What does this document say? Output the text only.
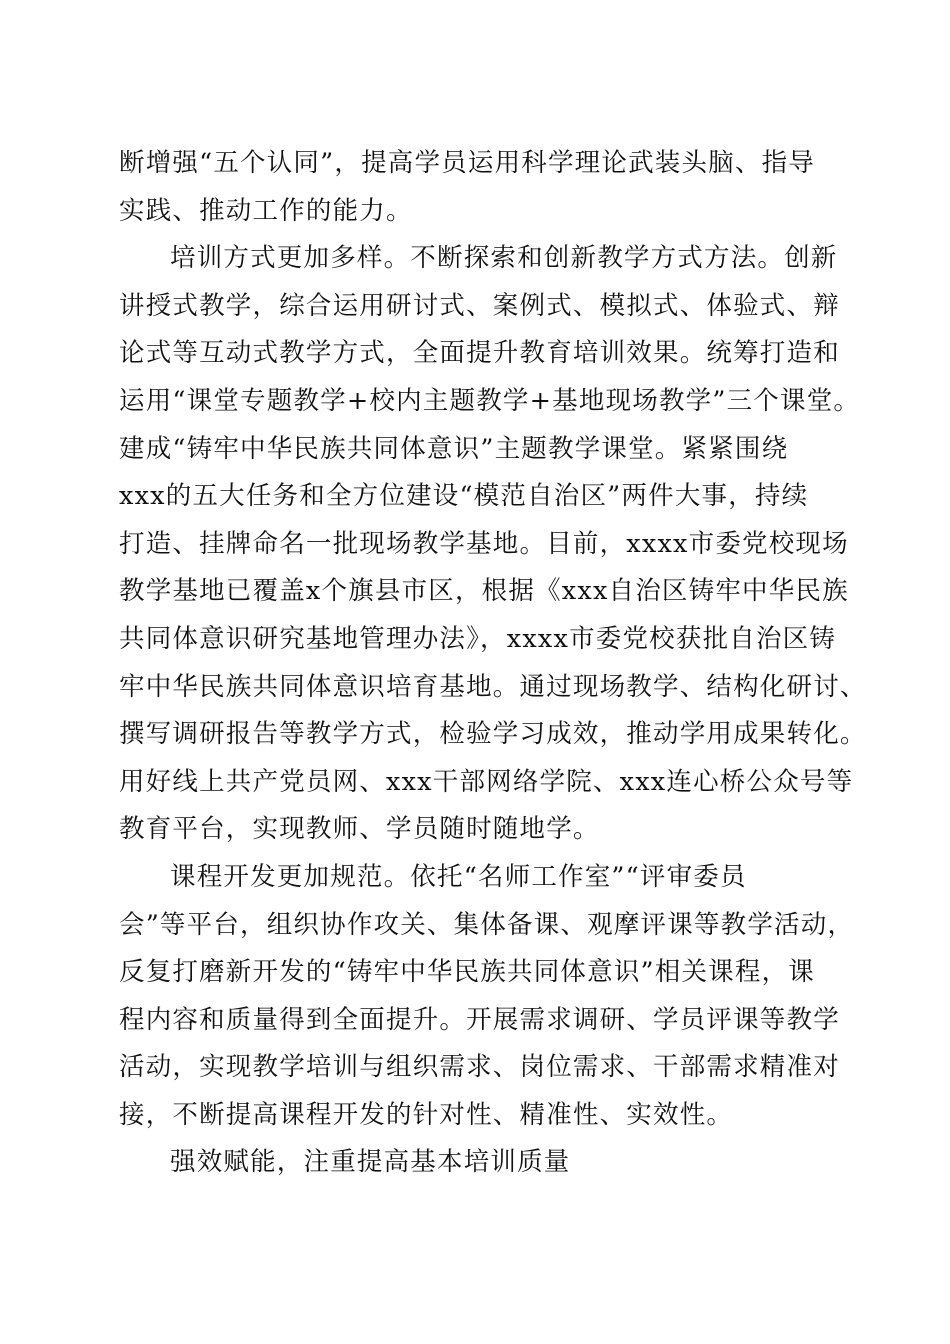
断增强“五个认同”，提高学员运用科学理论武装头脑、指导
实践、推动工作的能力。
培训方式更加多样。不断探索和创新教学方式方法。创新
讲授式教学，综合运用研讨式、案例式、模拟式、体验式、辩
论式等互动式教学方式，全面提升教育培训效果。统筹打造和
运用“课堂专题教学+校内主题教学+基地现场教学”三个课堂。
建成“铸牢中华民族共同体意识”主题教学课堂。紧紧围绕
xxx的五大任务和全方位建设“模范自治区”两件大事，持续
打造、挂牌命名一批现场教学基地。目前，xxxx市委党校现场
教学基地已覆盖x个旗县市区，根据《xxx自治区铸牢中华民族
共同体意识研究基地管理办法》，xxxx市委党校获批自治区铸
牢中华民族共同体意识培育基地。通过现场教学、结构化研讨、
撰写调研报告等教学方式，检验学习成效，推动学用成果转化。
用好线上共产党员网、xxx干部网络学院、xxx连心桥公众号等
教育平台，实现教师、学员随时随地学。
课程开发更加规范。依托“名师工作室”“评审委员
会”等平台，组织协作攻关、集体备课、观摩评课等教学活动，
反复打磨新开发的“铸牢中华民族共同体意识”相关课程，课
程内容和质量得到全面提升。开展需求调研、学员评课等教学
活动，实现教学培训与组织需求、岗位需求、干部需求精准对
接，不断提高课程开发的针对性、精准性、实效性。
强效赋能，注重提高基本培训质量
